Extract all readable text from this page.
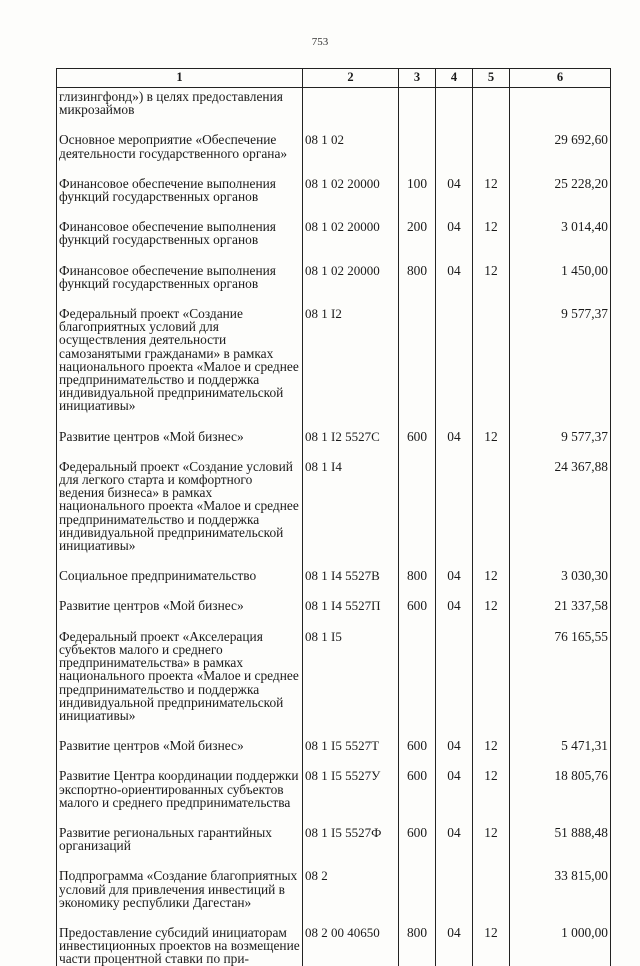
753
1	2	3	4	5	6
глизингфонд») в целях предоставления микрозаймов					
Основное мероприятие «Обеспечение деятельности государственного органа»	08 1 02				29 692,60
Финансовое обеспечение выполнения функций государственных органов	08 1 02 20000	100	04	12	25 228,20
Финансовое обеспечение выполнения функций государственных органов	08 1 02 20000	200	04	12	3 014,40
Финансовое обеспечение выполнения функций государственных органов	08 1 02 20000	800	04	12	1 450,00
Федеральный проект «Создание благоприятных условий для осуществления деятельности самозанятыми гражданами» в рамках национального проекта «Малое и среднее предпринимательство и поддержка индивидуальной предпринимательской инициативы»	08 1 I2				9 577,37
Развитие центров «Мой бизнес»	08 1 I2 5527С	600	04	12	9 577,37
Федеральный проект «Создание условий для легкого старта и комфортного ведения бизнеса» в рамках национального проекта «Малое и среднее предпринимательство и поддержка индивидуальной предпринимательской инициативы»	08 1 I4				24 367,88
Социальное предпринимательство	08 1 I4 5527В	800	04	12	3 030,30
Развитие центров «Мой бизнес»	08 1 I4 5527П	600	04	12	21 337,58
Федеральный проект «Акселерация субъектов малого и среднего предпринимательства» в рамках национального проекта «Малое и среднее предпринимательство и поддержка индивидуальной предпринимательской инициативы»	08 1 I5				76 165,55
Развитие центров «Мой бизнес»	08 1 I5 5527Т	600	04	12	5 471,31
Развитие Центра координации поддержки экспортно-ориентированных субъектов малого и среднего предпринимательства	08 1 I5 5527У	600	04	12	18 805,76
Развитие региональных гарантийных организаций	08 1 I5 5527Ф	600	04	12	51 888,48
Подпрограмма «Создание благоприятных условий для привлечения инвестиций в экономику республики Дагестан»	08 2				33 815,00
Предоставление субсидий инициаторам инвестиционных проектов на возмещение части процентной ставки по при-	08 2 00 40650	800	04	12	1 000,00
